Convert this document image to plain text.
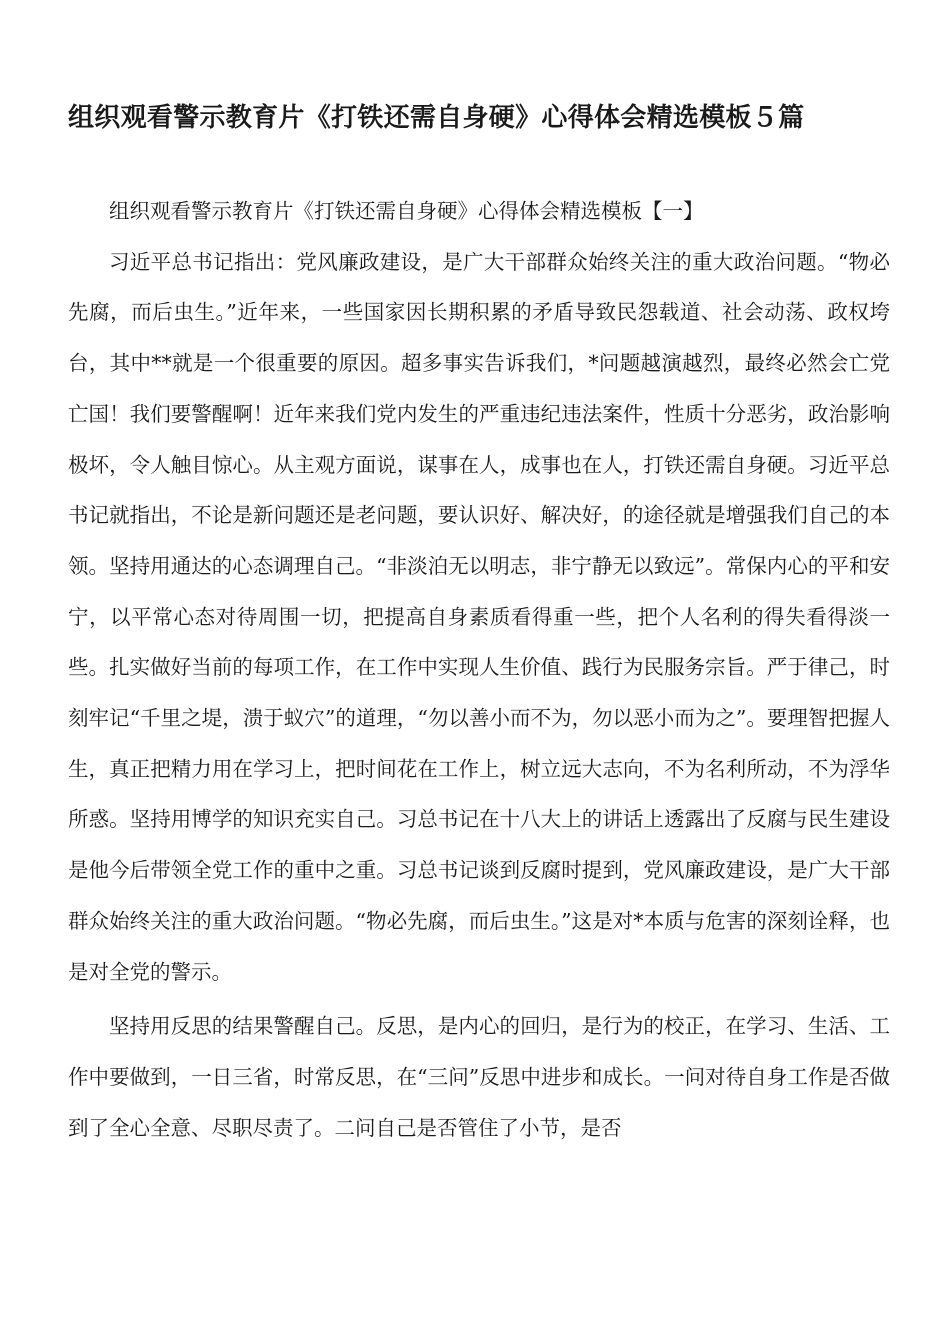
组织观看警示教育片《打铁还需自身硬》心得体会精选模板５篇

组织观看警示教育片《打铁还需自身硬》心得体会精选模板【一】

习近平总书记指出：党风廉政建设，是广大干部群众始终关注的重大政治问题。“物必先腐，而后虫生。”近年来，一些国家因长期积累的矛盾导致民怨载道、社会动荡、政权垮台，其中**就是一个很重要的原因。超多事实告诉我们，*问题越演越烈，最终必然会亡党亡国！我们要警醒啊！近年来我们党内发生的严重违纪违法案件，性质十分恶劣，政治影响极坏，令人触目惊心。从主观方面说，谋事在人，成事也在人，打铁还需自身硬。习近平总书记就指出，不论是新问题还是老问题，要认识好、解决好，的途径就是增强我们自己的本领。坚持用通达的心态调理自己。“非淡泊无以明志，非宁静无以致远”。常保内心的平和安宁，以平常心态对待周围一切，把提高自身素质看得重一些，把个人名利的得失看得淡一些。扎实做好当前的每项工作，在工作中实现人生价值、践行为民服务宗旨。严于律己，时刻牢记“千里之堤，溃于蚁穴”的道理，“勿以善小而不为，勿以恶小而为之”。要理智把握人生，真正把精力用在学习上，把时间花在工作上，树立远大志向，不为名利所动，不为浮华所惑。坚持用博学的知识充实自己。习总书记在十八大上的讲话上透露出了反腐与民生建设是他今后带领全党工作的重中之重。习总书记谈到反腐时提到，党风廉政建设，是广大干部群众始终关注的重大政治问题。“物必先腐，而后虫生。”这是对*本质与危害的深刻诠释，也是对全党的警示。

坚持用反思的结果警醒自己。反思，是内心的回归，是行为的校正，在学习、生活、工作中要做到，一日三省，时常反思，在“三问”反思中进步和成长。一问对待自身工作是否做到了全心全意、尽职尽责了。二问自己是否管住了小节，是否
